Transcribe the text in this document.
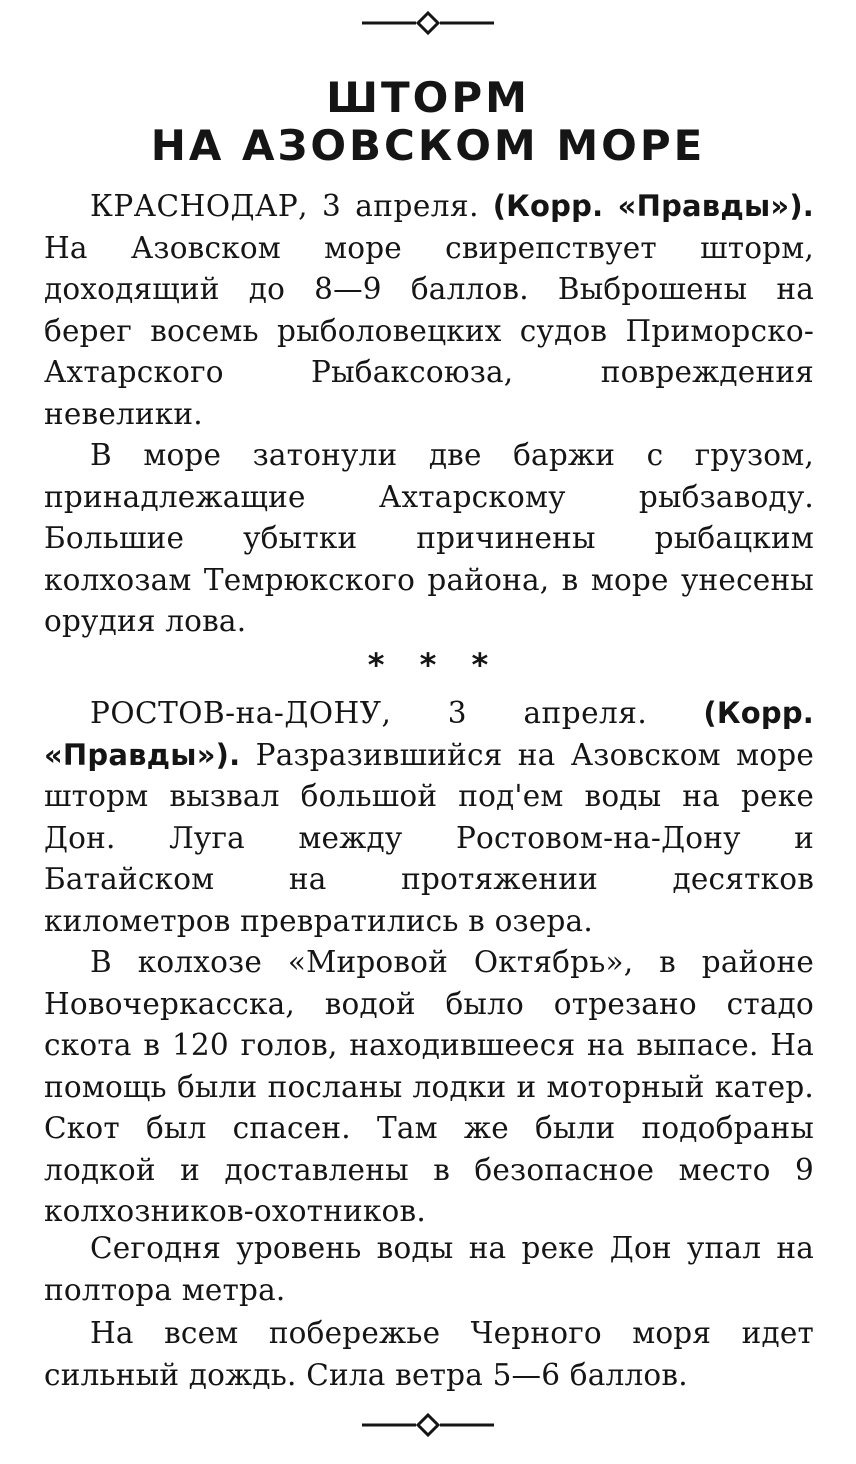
ШТОРМ
НА АЗОВСКОМ МОРЕ

КРАСНОДАР, 3 апреля. (Корр. «Правды»). На Азовском море свирепствует шторм, доходящий до 8—9 баллов. Выброшены на берег восемь рыболовецких судов Приморско-Ахтарского Рыбаксоюза, повреждения невелики.

В море затонули две баржи с грузом, принадлежащие Ахтарскому рыбзаводу. Большие убытки причинены рыбацким колхозам Темрюкского района, в море унесены орудия лова.

* * *

РОСТОВ-на-ДОНУ, 3 апреля. (Корр. «Правды»). Разразившийся на Азовском море шторм вызвал большой под'ем воды на реке Дон. Луга между Ростовом-на-Дону и Батайском на протяжении десятков километров превратились в озера.

В колхозе «Мировой Октябрь», в районе Новочеркасска, водой было отрезано стадо скота в 120 голов, находившееся на выпасе. На помощь были посланы лодки и моторный катер. Скот был спасен. Там же были подобраны лодкой и доставлены в безопасное место 9 колхозников-охотников.

Сегодня уровень воды на реке Дон упал на полтора метра.

На всем побережье Черного моря идет сильный дождь. Сила ветра 5—6 баллов.
